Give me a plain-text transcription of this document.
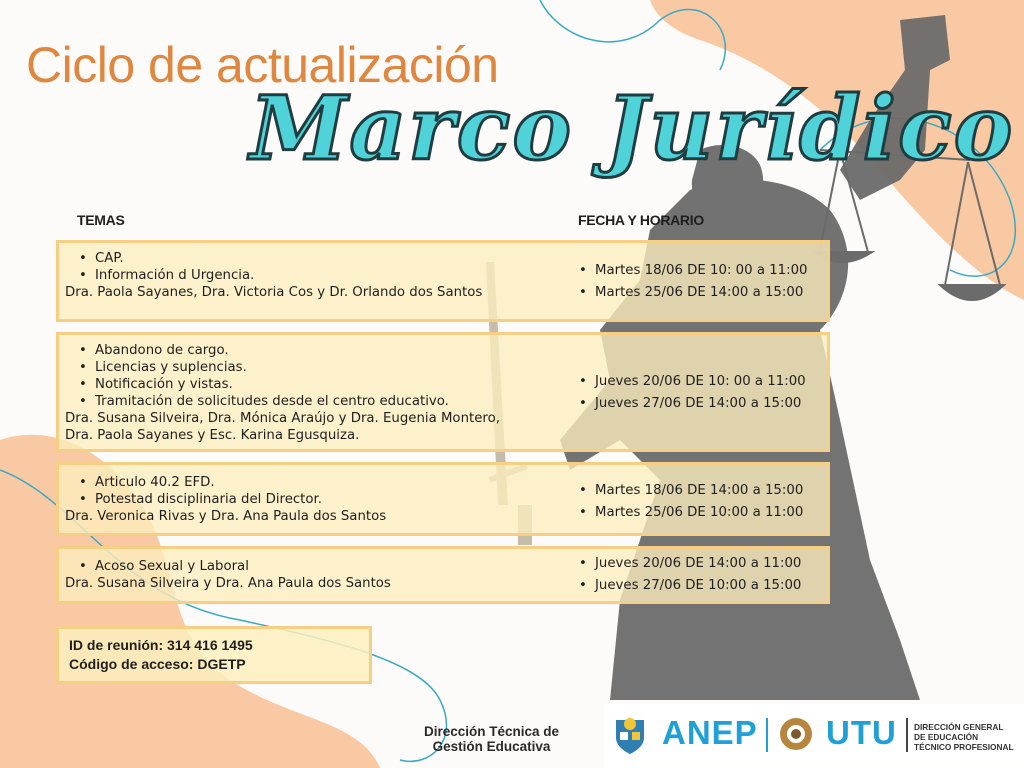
Ciclo de actualización
Marco Jurídico
TEMAS	FECHA Y HORARIO
• CAP.
• Información d Urgencia.
Dra. Paola Sayanes, Dra. Victoria Cos y Dr. Orlando dos Santos
• Martes 18/06 DE 10: 00 a 11:00
• Martes 25/06 DE 14:00 a 15:00
• Abandono de cargo.
• Licencias y suplencias.
• Notificación y vistas.
• Tramitación de solicitudes desde el centro educativo.
Dra. Susana Silveira, Dra. Mónica Araújo y Dra. Eugenia Montero,
Dra. Paola Sayanes y Esc. Karina Egusquiza.
• Jueves 20/06 DE 10: 00 a 11:00
• Jueves 27/06 DE 14:00 a 15:00
• Articulo 40.2 EFD.
• Potestad disciplinaria del Director.
Dra. Veronica Rivas y Dra. Ana Paula dos Santos
• Martes 18/06 DE 14:00 a 15:00
• Martes 25/06 DE 10:00 a 11:00
• Acoso Sexual y Laboral
Dra. Susana Silveira y Dra. Ana Paula dos Santos
• Jueves 20/06 DE 14:00 a 11:00
• Jueves 27/06 DE 10:00 a 15:00
ID de reunión: 314 416 1495
Código de acceso: DGETP
Dirección Técnica de
Gestión Educativa	ANEP UTU DIRECCIÓN GENERAL
DE EDUCACIÓN
TÉCNICO PROFESIONAL
